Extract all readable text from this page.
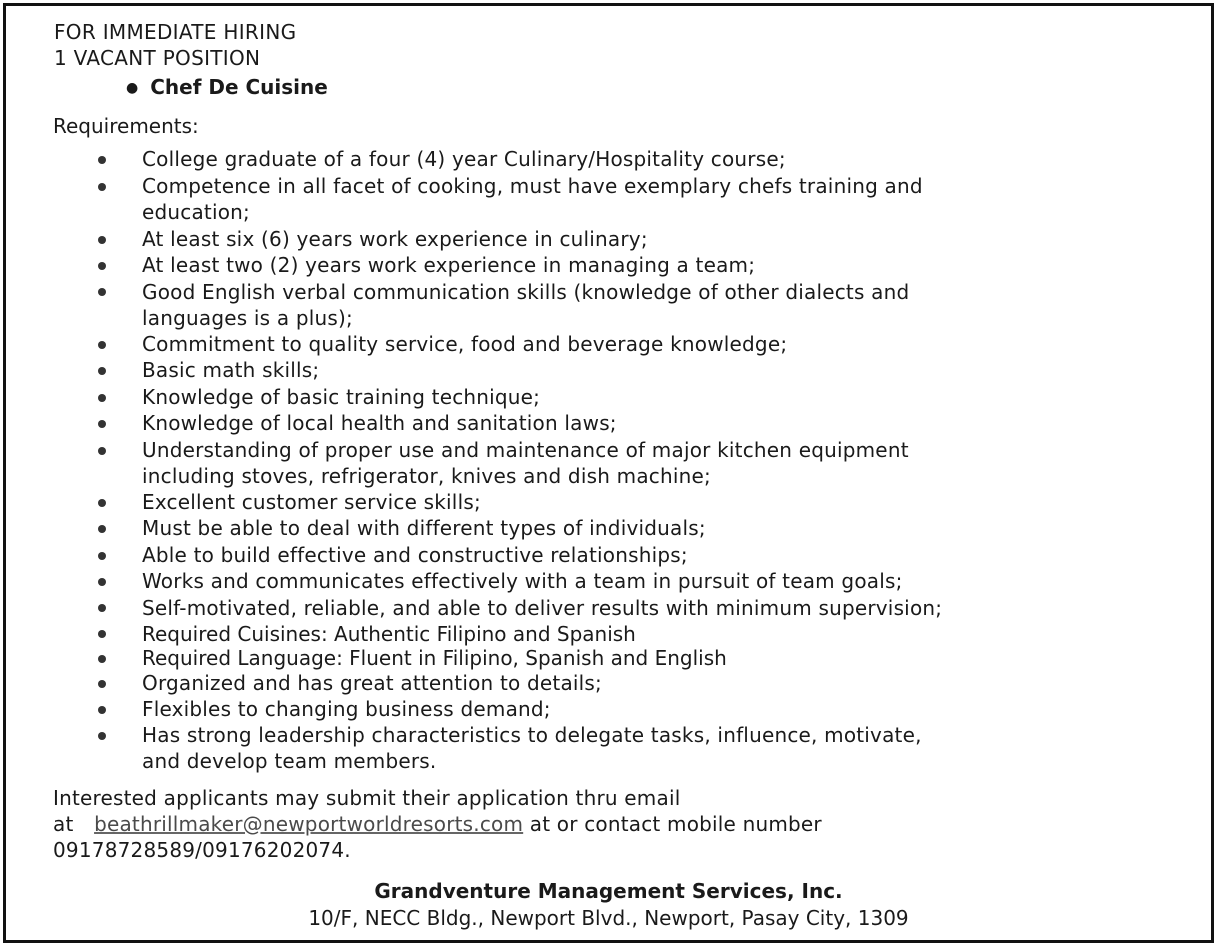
FOR IMMEDIATE HIRING
1 VACANT POSITION
● Chef De Cuisine
Requirements:
College graduate of a four (4) year Culinary/Hospitality course;
Competence in all facet of cooking, must have exemplary chefs training and
education;
At least six (6) years work experience in culinary;
At least two (2) years work experience in managing a team;
Good English verbal communication skills (knowledge of other dialects and
languages is a plus);
Commitment to quality service, food and beverage knowledge;
Basic math skills;
Knowledge of basic training technique;
Knowledge of local health and sanitation laws;
Understanding of proper use and maintenance of major kitchen equipment
including stoves, refrigerator, knives and dish machine;
Excellent customer service skills;
Must be able to deal with different types of individuals;
Able to build effective and constructive relationships;
Works and communicates effectively with a team in pursuit of team goals;
Self-motivated, reliable, and able to deliver results with minimum supervision;
Required Cuisines: Authentic Filipino and Spanish
Required Language: Fluent in Filipino, Spanish and English
Organized and has great attention to details;
Flexibles to changing business demand;
Has strong leadership characteristics to delegate tasks, influence, motivate,
and develop team members.
Interested applicants may submit their application thru email
at beathrillmaker@newportworldresorts.com at or contact mobile number
09178728589/09176202074.
Grandventure Management Services, Inc.
10/F, NECC Bldg., Newport Blvd., Newport, Pasay City, 1309
